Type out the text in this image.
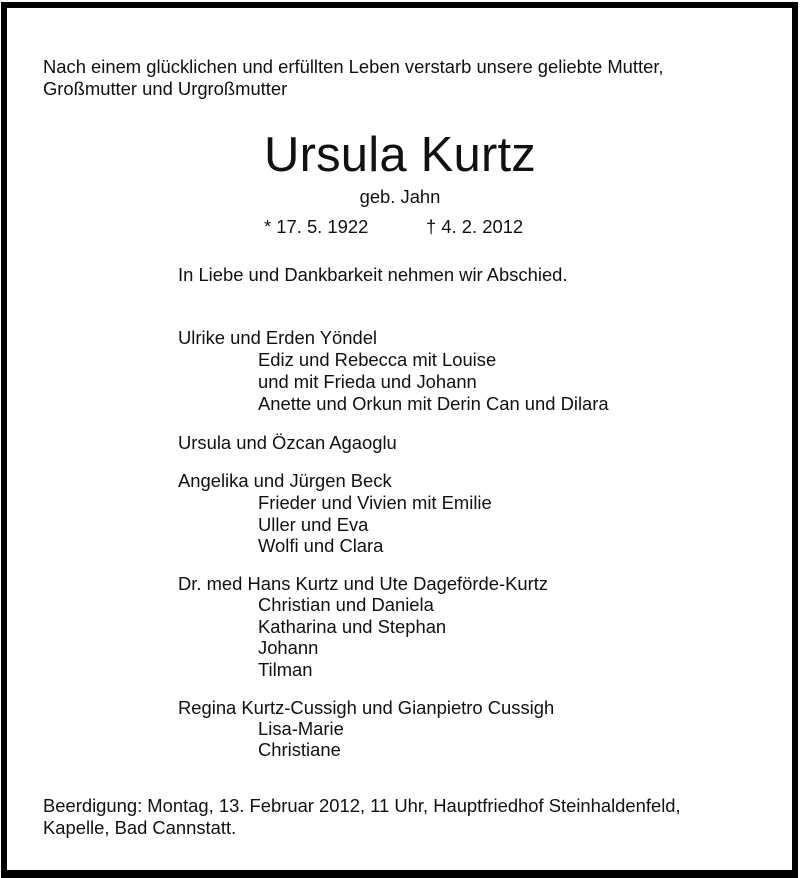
Nach einem glücklichen und erfüllten Leben verstarb unsere geliebte Mutter,
Großmutter und Urgroßmutter
Ursula Kurtz
geb. Jahn
* 17. 5. 1922	† 4. 2. 2012
In Liebe und Dankbarkeit nehmen wir Abschied.
Ulrike und Erden Yöndel
Ediz und Rebecca mit Louise
und mit Frieda und Johann
Anette und Orkun mit Derin Can und Dilara
Ursula und Özcan Agaoglu
Angelika und Jürgen Beck
Frieder und Vivien mit Emilie
Uller und Eva
Wolfi und Clara
Dr. med Hans Kurtz und Ute Dageförde-Kurtz
Christian und Daniela
Katharina und Stephan
Johann
Tilman
Regina Kurtz-Cussigh und Gianpietro Cussigh
Lisa-Marie
Christiane
Beerdigung: Montag, 13. Februar 2012, 11 Uhr, Hauptfriedhof Steinhaldenfeld,
Kapelle, Bad Cannstatt.
